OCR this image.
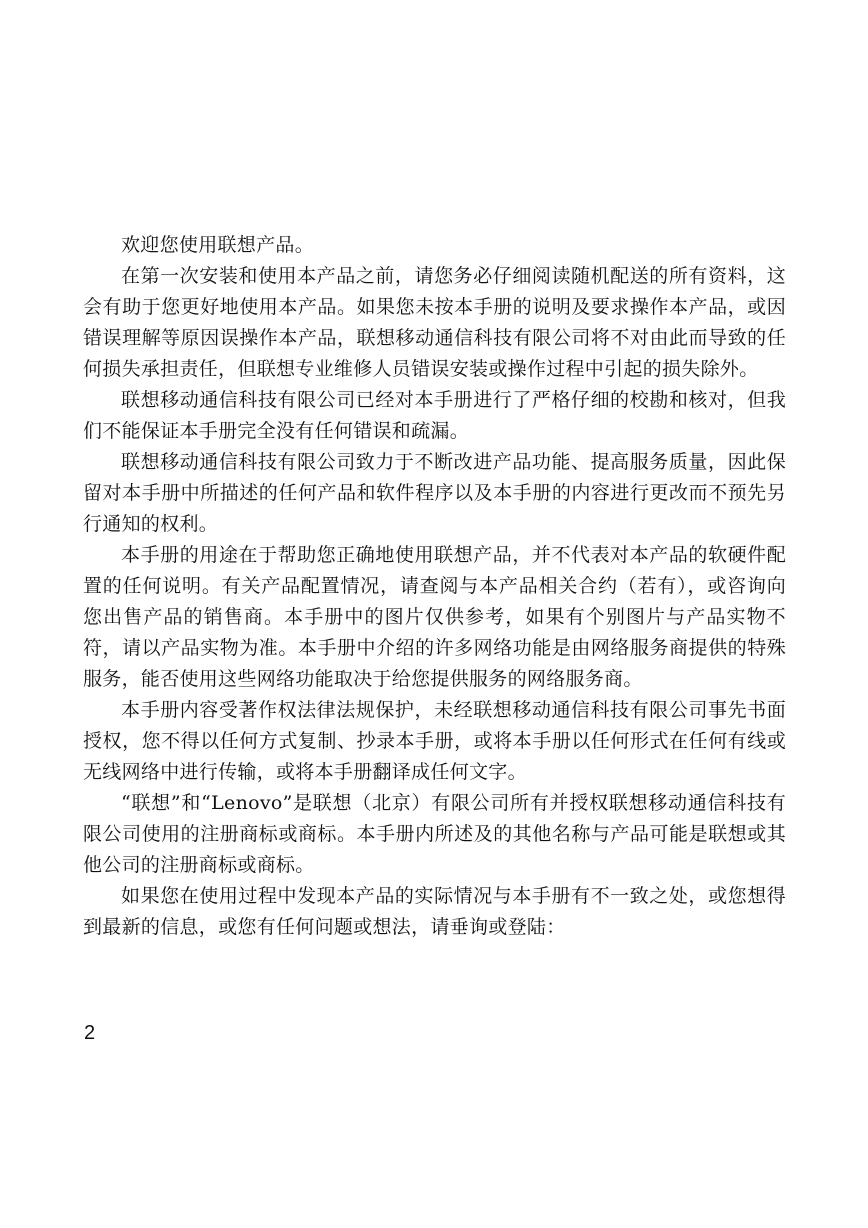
欢迎您使用联想产品。

在第一次安装和使用本产品之前，请您务必仔细阅读随机配送的所有资料，这会有助于您更好地使用本产品。如果您未按本手册的说明及要求操作本产品，或因错误理解等原因误操作本产品，联想移动通信科技有限公司将不对由此而导致的任何损失承担责任，但联想专业维修人员错误安装或操作过程中引起的损失除外。

联想移动通信科技有限公司已经对本手册进行了严格仔细的校勘和核对，但我们不能保证本手册完全没有任何错误和疏漏。

联想移动通信科技有限公司致力于不断改进产品功能、提高服务质量，因此保留对本手册中所描述的任何产品和软件程序以及本手册的内容进行更改而不预先另行通知的权利。

本手册的用途在于帮助您正确地使用联想产品，并不代表对本产品的软硬件配置的任何说明。有关产品配置情况，请查阅与本产品相关合约（若有），或咨询向您出售产品的销售商。本手册中的图片仅供参考，如果有个别图片与产品实物不符，请以产品实物为准。本手册中介绍的许多网络功能是由网络服务商提供的特殊服务，能否使用这些网络功能取决于给您提供服务的网络服务商。

本手册内容受著作权法律法规保护，未经联想移动通信科技有限公司事先书面授权，您不得以任何方式复制、抄录本手册，或将本手册以任何形式在任何有线或无线网络中进行传输，或将本手册翻译成任何文字。

“联想”和“Lenovo”是联想（北京）有限公司所有并授权联想移动通信科技有限公司使用的注册商标或商标。本手册内所述及的其他名称与产品可能是联想或其他公司的注册商标或商标。

如果您在使用过程中发现本产品的实际情况与本手册有不一致之处，或您想得到最新的信息，或您有任何问题或想法，请垂询或登陆：

2
